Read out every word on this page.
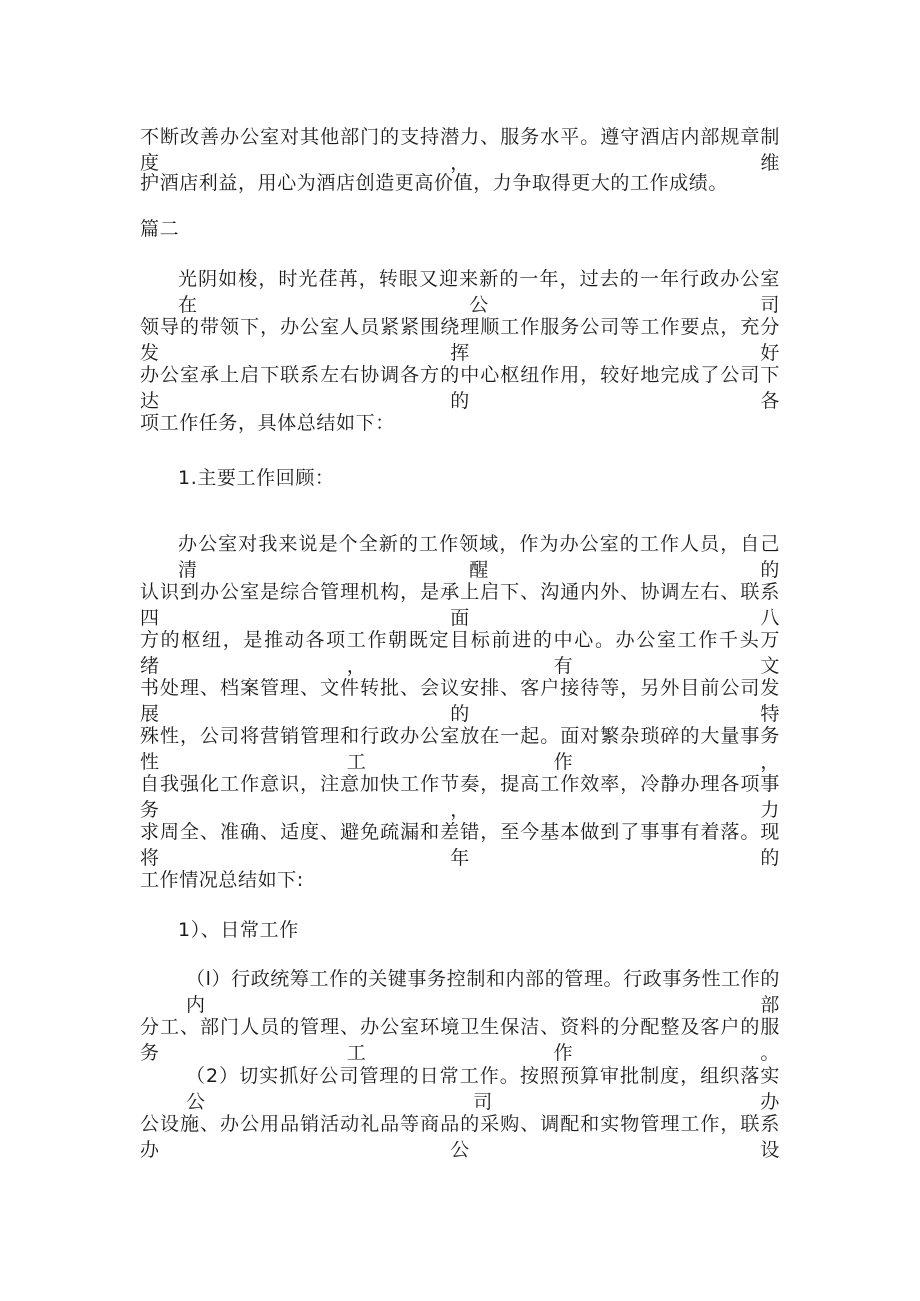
不断改善办公室对其他部门的支持潜力、服务水平。遵守酒店内部规章制度，维
护酒店利益，用心为酒店创造更高价值，力争取得更大的工作成绩。
篇二
光阴如梭，时光荏苒，转眼又迎来新的一年，过去的一年行政办公室在公司
领导的带领下，办公室人员紧紧围绕理顺工作服务公司等工作要点，充分发挥好
办公室承上启下联系左右协调各方的中心枢纽作用，较好地完成了公司下达的各
项工作任务，具体总结如下：
1.主要工作回顾：
办公室对我来说是个全新的工作领域，作为办公室的工作人员，自己清醒的
认识到办公室是综合管理机构，是承上启下、沟通内外、协调左右、联系四面八
方的枢纽，是推动各项工作朝既定目标前进的中心。办公室工作千头万绪，有文
书处理、档案管理、文件转批、会议安排、客户接待等，另外目前公司发展的特
殊性，公司将营销管理和行政办公室放在一起。面对繁杂琐碎的大量事务性工作，
自我强化工作意识，注意加快工作节奏，提高工作效率，冷静办理各项事务，力
求周全、准确、适度、避免疏漏和差错，至今基本做到了事事有着落。现将年的
工作情况总结如下:
1）、日常工作
（l）行政统筹工作的关键事务控制和内部的管理。行政事务性工作的内部
分工、部门人员的管理、办公室环境卫生保洁、资料的分配整及客户的服务工作。
（2）切实抓好公司管理的日常工作。按照预算审批制度，组织落实公司办
公设施、办公用品销活动礼品等商品的采购、调配和实物管理工作，联系办公设
